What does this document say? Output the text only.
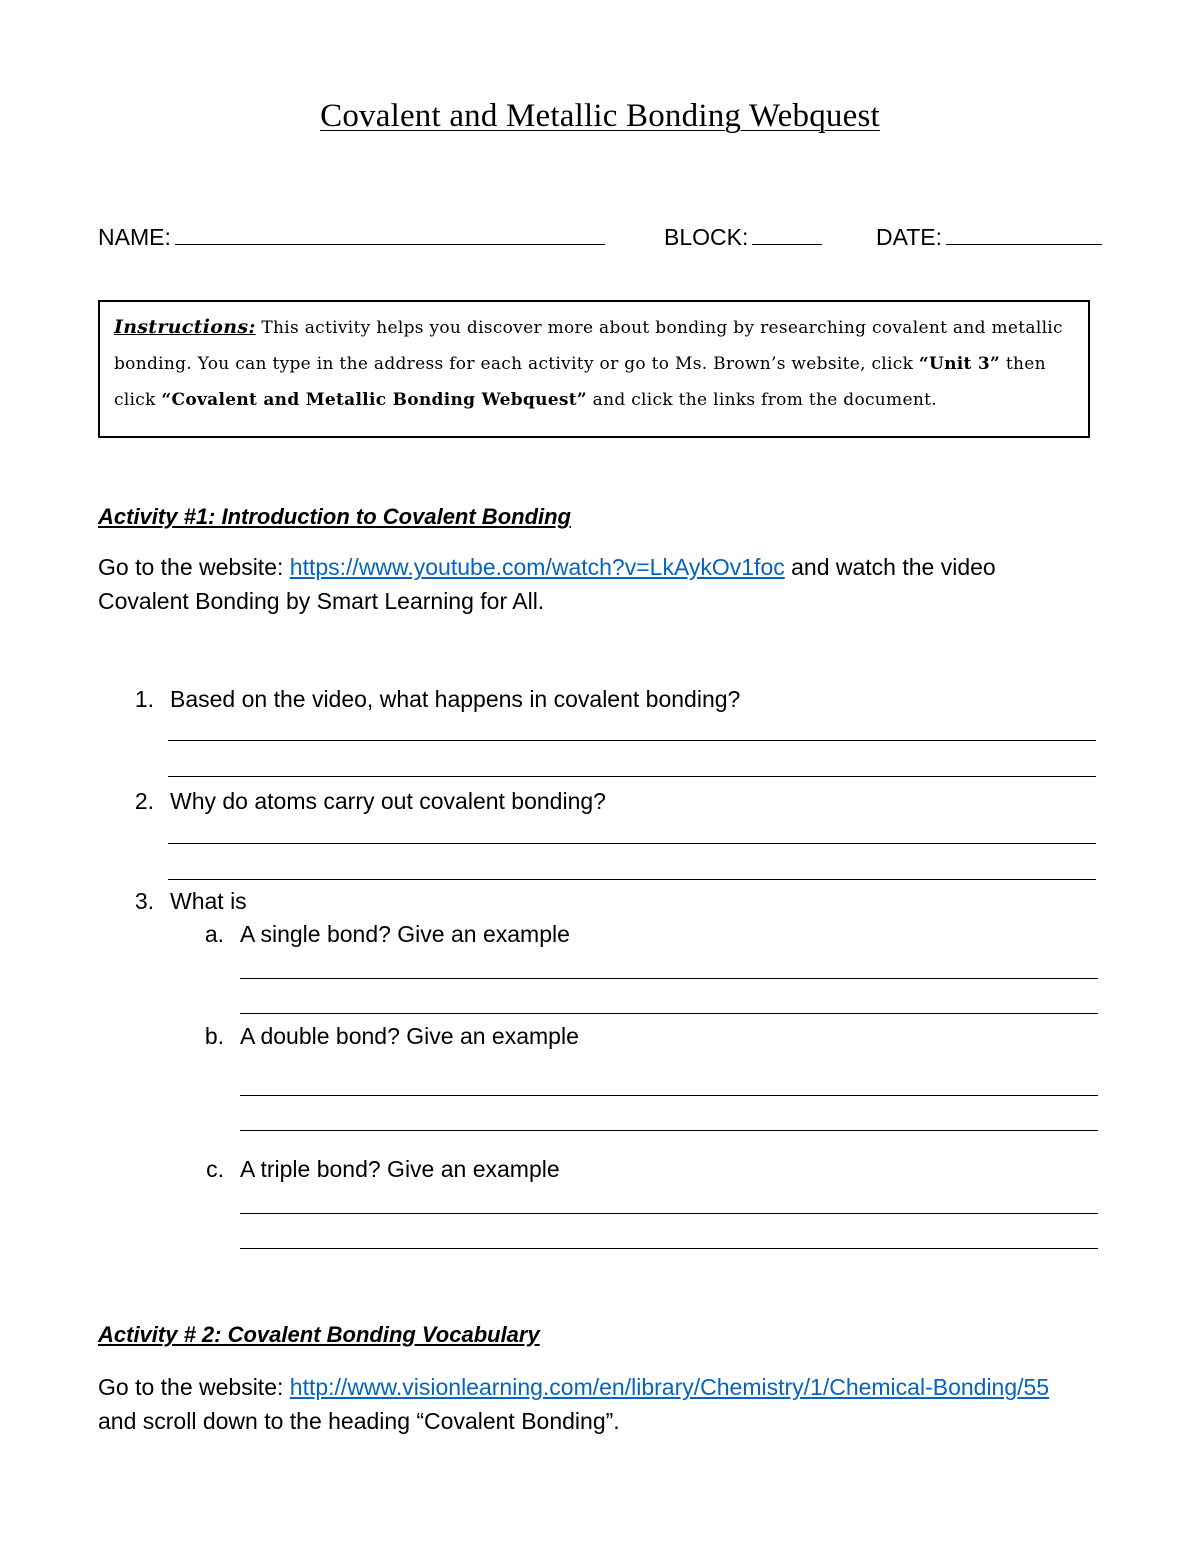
Covalent and Metallic Bonding Webquest
NAME:	BLOCK:	DATE:
Instructions: This activity helps you discover more about bonding by researching covalent and metallic bonding. You can type in the address for each activity or go to Ms. Brown’s website, click “Unit 3” then click “Covalent and Metallic Bonding Webquest” and click the links from the document.
Activity #1: Introduction to Covalent Bonding
Go to the website: https://www.youtube.com/watch?v=LkAykOv1foc and watch the video
Covalent Bonding by Smart Learning for All.
1. Based on the video, what happens in covalent bonding?
2. Why do atoms carry out covalent bonding?
3. What is
a. A single bond? Give an example
b. A double bond? Give an example
c. A triple bond? Give an example
Activity # 2: Covalent Bonding Vocabulary
Go to the website: http://www.visionlearning.com/en/library/Chemistry/1/Chemical-Bonding/55
and scroll down to the heading “Covalent Bonding”.
